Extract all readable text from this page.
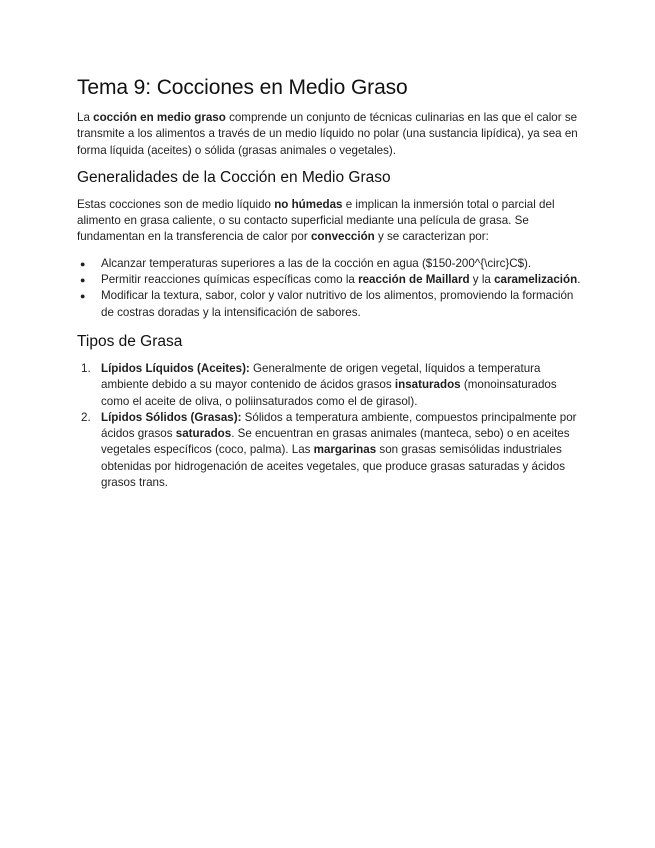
Tema 9: Cocciones en Medio Graso

La cocción en medio graso comprende un conjunto de técnicas culinarias en las que el calor se transmite a los alimentos a través de un medio líquido no polar (una sustancia lipídica), ya sea en forma líquida (aceites) o sólida (grasas animales o vegetales).

Generalidades de la Cocción en Medio Graso

Estas cocciones son de medio líquido no húmedas e implican la inmersión total o parcial del alimento en grasa caliente, o su contacto superficial mediante una película de grasa. Se fundamentan en la transferencia de calor por convección y se caracterizan por:

● Alcanzar temperaturas superiores a las de la cocción en agua ($150-200^{\circ}C$).
● Permitir reacciones químicas específicas como la reacción de Maillard y la caramelización.
● Modificar la textura, sabor, color y valor nutritivo de los alimentos, promoviendo la formación de costras doradas y la intensificación de sabores.
Tipos de Grasa
1. Lípidos Líquidos (Aceites): Generalmente de origen vegetal, líquidos a temperatura ambiente debido a su mayor contenido de ácidos grasos insaturados (monoinsaturados como el aceite de oliva, o poliinsaturados como el de girasol).
2. Lípidos Sólidos (Grasas): Sólidos a temperatura ambiente, compuestos principalmente por ácidos grasos saturados. Se encuentran en grasas animales (manteca, sebo) o en aceites vegetales específicos (coco, palma). Las margarinas son grasas semisólidas industriales obtenidas por hidrogenación de aceites vegetales, que produce grasas saturadas y ácidos grasos trans.
